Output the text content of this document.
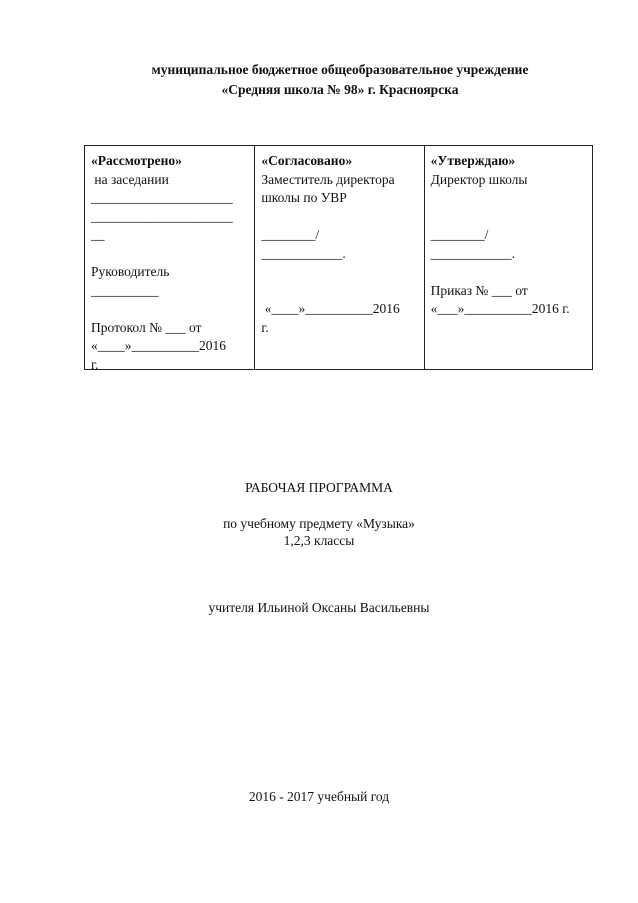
муниципальное бюджетное общеобразовательное учреждение
«Средняя школа № 98» г. Красноярска
«Рассмотрено»
на заседании
_____________________
_____________________
__
Руководитель
__________
Протокол № ___ от
«____»__________2016
г.
«Согласовано»
Заместитель директора
школы по УВР
________/
____________.
«____»__________2016
г.
«Утверждаю»
Директор школы
________/
____________.
Приказ № ___ от
«___»__________2016 г.
РАБОЧАЯ ПРОГРАММА
по учебному предмету «Музыка»
1,2,3 классы
учителя Ильиной Оксаны Васильевны
2016 - 2017 учебный год
